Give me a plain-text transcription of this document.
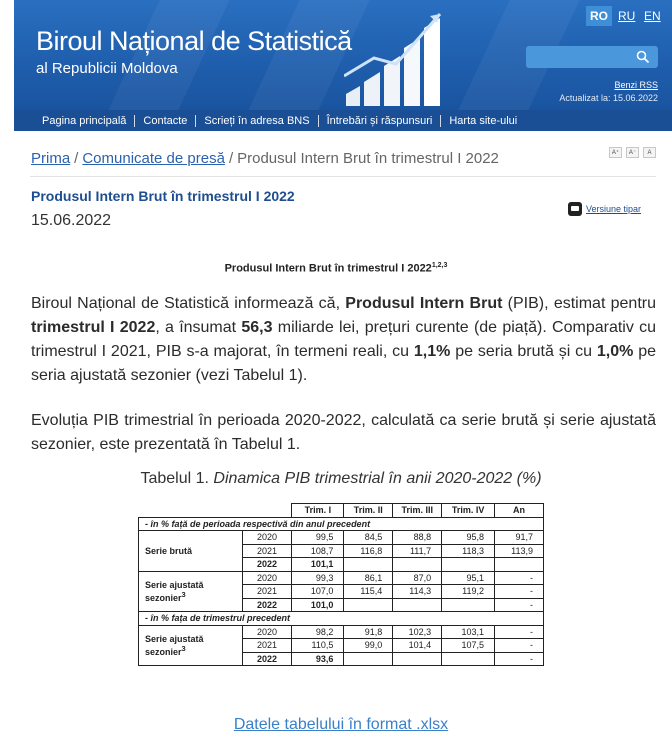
Biroul Național de Statistică
al Republicii Moldova
RO RU EN
Benzi RSS
Actualizat la: 15.06.2022
Pagina principală	Contacte	Scrieți în adresa BNS	Întrebări și răspunsuri	Harta site-ului
Prima / Comunicate de presă / Produsul Intern Brut în trimestrul I 2022	A⁺	A⁻	A
Produsul Intern Brut în trimestrul I 2022
15.06.2022
Versiune tipar
Produsul Intern Brut în trimestrul I 2022$^{1,2,3}$
Biroul Național de Statistică informează că, Produsul Intern Brut (PIB), estimat pentru trimestrul I 2022, a însumat 56,3 miliarde lei, prețuri curente (de piață). Comparativ cu trimestrul I 2021, PIB s-a majorat, în termeni reali, cu 1,1% pe seria brută și cu 1,0% pe seria ajustată sezonier (vezi Tabelul 1).
Evoluția PIB trimestrial în perioada 2020-2022, calculată ca serie brută și serie ajustată sezonier, este prezentată în Tabelul 1.
Tabelul 1. Dinamica PIB trimestrial în anii 2020-2022 (%)
		Trim. I	Trim. II	Trim. III	Trim. IV	An
- în % față de perioada respectivă din anul precedent						
Serie brută	2020	99,5	84,5	88,8	95,8	91,7
	2021	108,7	116,8	111,7	118,3	113,9
	2022	101,1				
Serie ajustată sezonier$^3$	2020	99,3	86,1	87,0	95,1	-
	2021	107,0	115,4	114,3	119,2	-
	2022	101,0				-
- în % fața de trimestrul precedent						
Serie ajustată sezonier$^3$	2020	98,2	91,8	102,3	103,1	-
	2021	110,5	99,0	101,4	107,5	-
	2022	93,6				-
Datele tabelului în format .xlsx
